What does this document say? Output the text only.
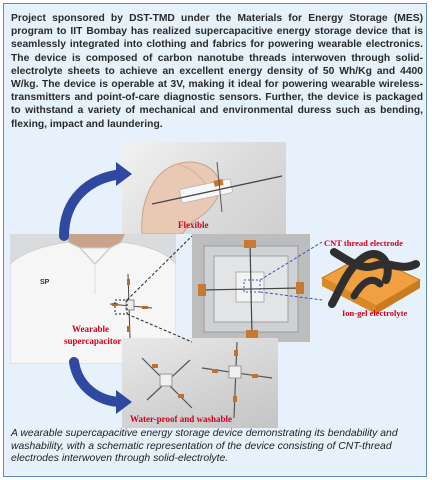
Project sponsored by DST-TMD under the Materials for Energy Storage (MES) program to IIT Bombay has realized supercapacitive energy storage device that is seamlessly integrated into clothing and fabrics for powering wearable electronics. The device is composed of carbon nanotube threads interwoven through solid-electrolyte sheets to achieve an excellent energy density of 50 Wh/Kg and 4400 W/kg. The device is operable at 3V, making it ideal for powering wearable wireless-transmitters and point-of-care diagnostic sensors. Further, the device is packaged to withstand a variety of mechanical and environmental duress such as bending, flexing, impact and laundering.

Flexible
SP
Wearable
supercapacitor
Water-proof and washable
CNT thread electrode
Ion-gel electrolyte

A wearable supercapacitive energy storage device demonstrating its bendability and washability, with a schematic representation of the device consisting of CNT-thread electrodes interwoven through solid-electrolyte.
